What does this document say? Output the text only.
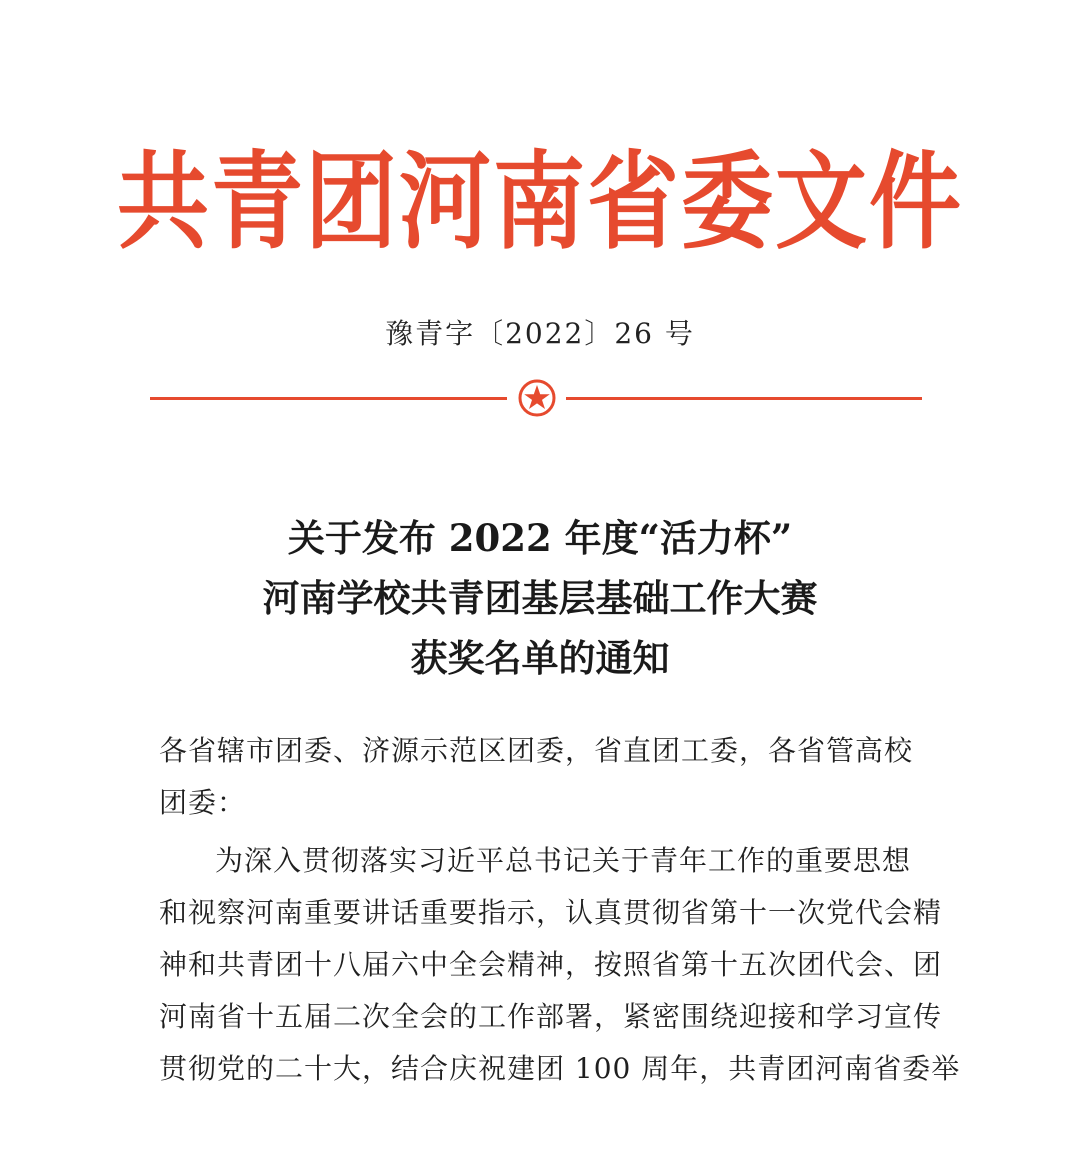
共青团河南省委文件
豫青字〔2022〕26 号
关于发布 2022 年度“活力杯”
河南学校共青团基层基础工作大赛
获奖名单的通知
各省辖市团委、济源示范区团委，省直团工委，各省管高校
团委：
为深入贯彻落实习近平总书记关于青年工作的重要思想
和视察河南重要讲话重要指示，认真贯彻省第十一次党代会精
神和共青团十八届六中全会精神，按照省第十五次团代会、团
河南省十五届二次全会的工作部署，紧密围绕迎接和学习宣传
贯彻党的二十大，结合庆祝建团 100 周年，共青团河南省委举
